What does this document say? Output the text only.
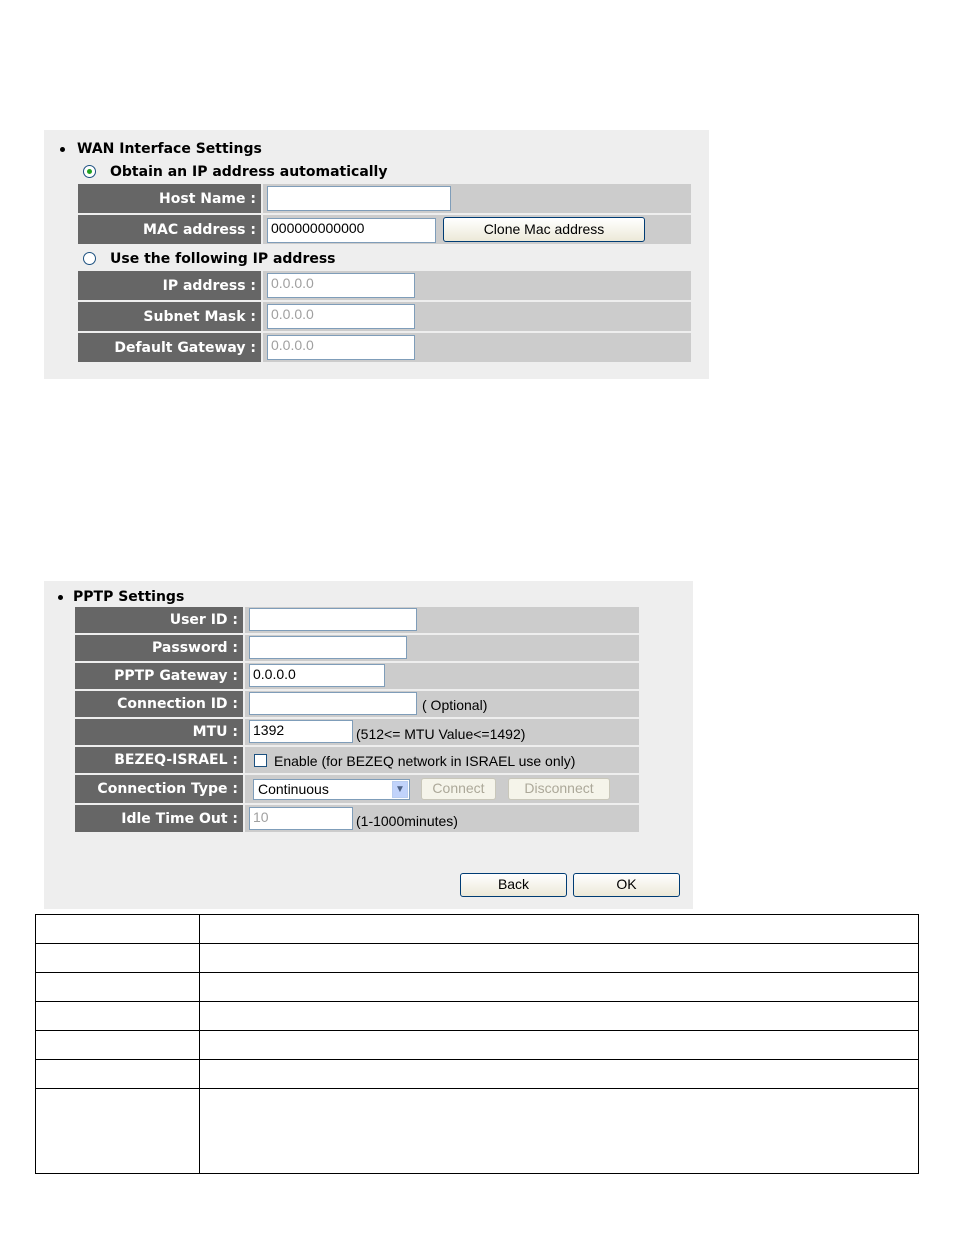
WAN Interface Settings
Obtain an IP address automatically
Host Name :
MAC address :	000000000000	Clone Mac address
Use the following IP address
IP address :	0.0.0.0
Subnet Mask :	0.0.0.0
Default Gateway :	0.0.0.0
PPTP Settings
User ID :
Password :
PPTP Gateway :	0.0.0.0
Connection ID :	( Optional)
MTU :	1392	(512<= MTU Value<=1492)
BEZEQ-ISRAEL :	Enable (for BEZEQ network in ISRAEL use only)
Connection Type :	Continuous	▼	Connect	Disconnect
Idle Time Out :	10	(1-1000minutes)
Back	OK
